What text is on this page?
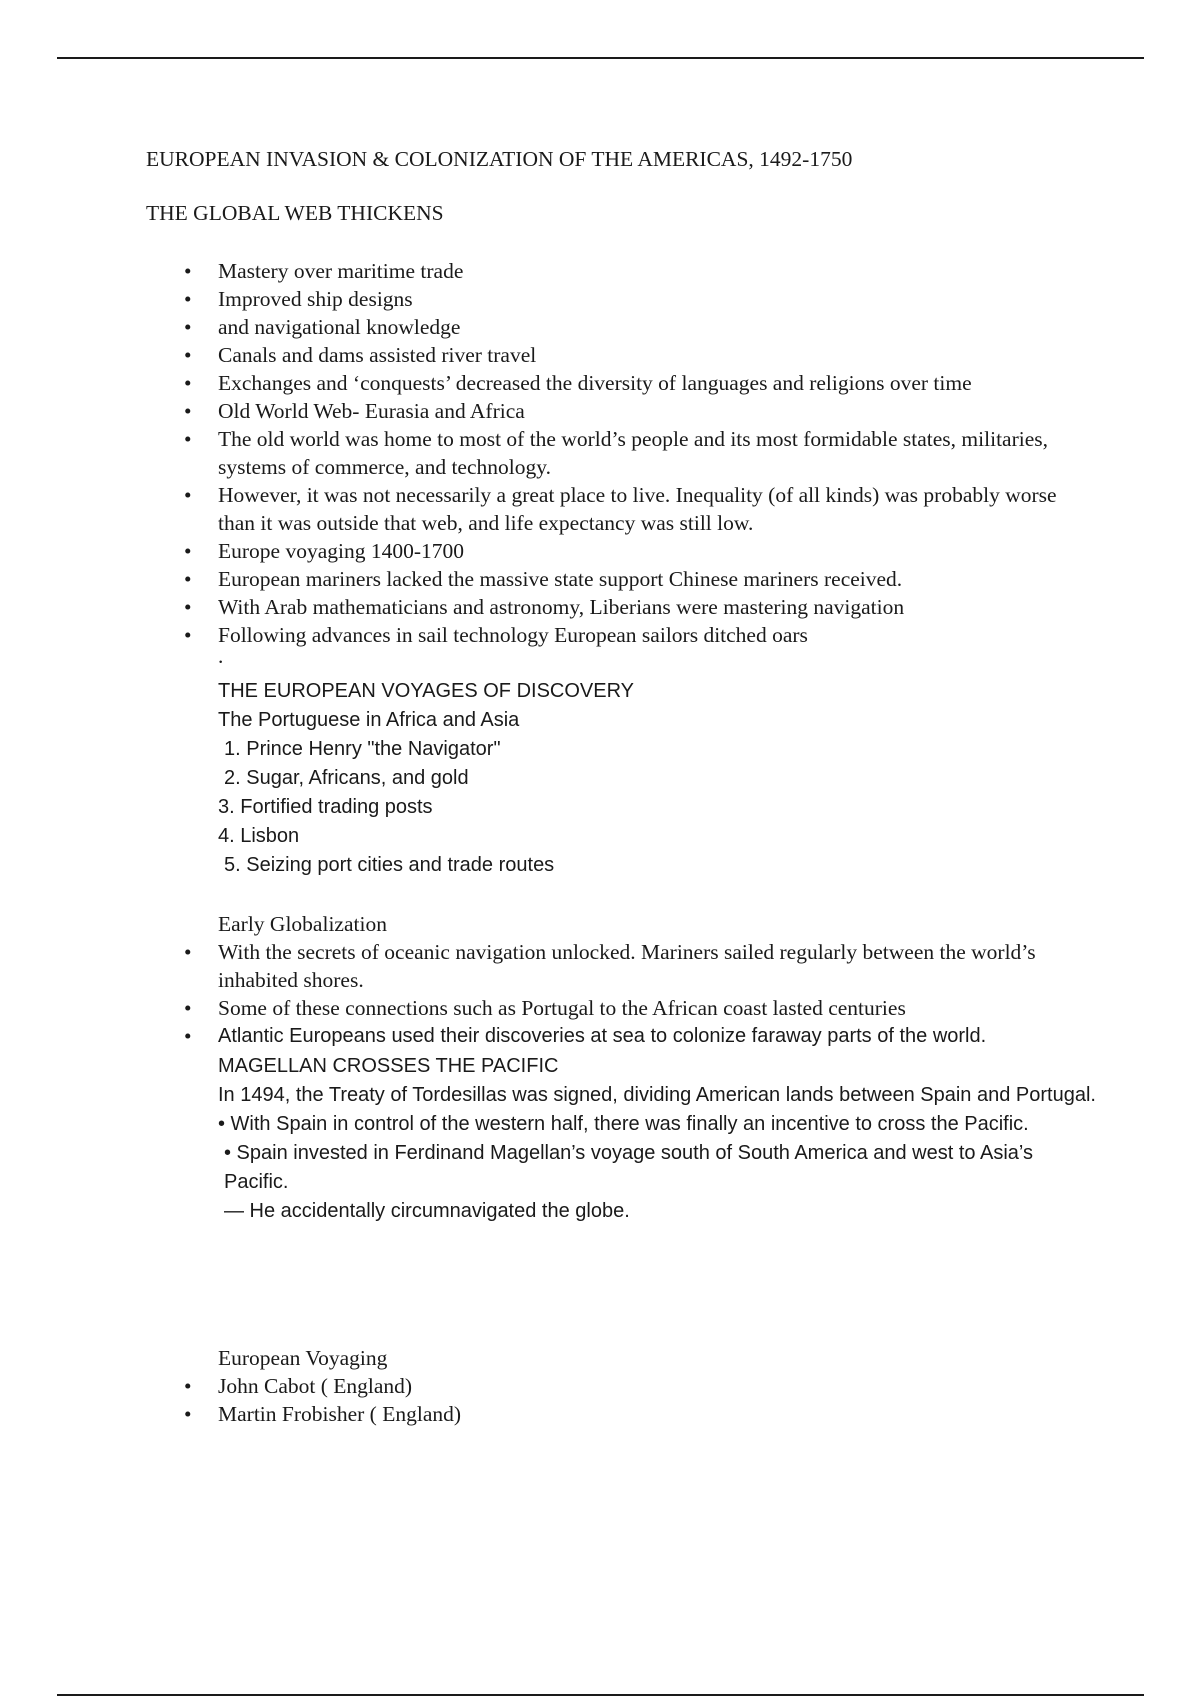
EUROPEAN INVASION & COLONIZATION OF THE AMERICAS, 1492-1750
THE GLOBAL WEB THICKENS
• Mastery over maritime trade
• Improved ship designs
• and navigational knowledge
• Canals and dams assisted river travel
• Exchanges and ‘conquests’ decreased the diversity of languages and religions over time
• Old World Web- Eurasia and Africa
• The old world was home to most of the world’s people and its most formidable states, militaries, systems of commerce, and technology.
• However, it was not necessarily a great place to live. Inequality (of all kinds) was probably worse than it was outside that web, and life expectancy was still low.
• Europe voyaging 1400-1700
• European mariners lacked the massive state support Chinese mariners received.
• With Arab mathematicians and astronomy, Liberians were mastering navigation
• Following advances in sail technology European sailors ditched oars
.
THE EUROPEAN VOYAGES OF DISCOVERY
The Portuguese in Africa and Asia
1. Prince Henry "the Navigator"
2. Sugar, Africans, and gold
3. Fortified trading posts
4. Lisbon
5. Seizing port cities and trade routes
Early Globalization
• With the secrets of oceanic navigation unlocked. Mariners sailed regularly between the world’s inhabited shores.
• Some of these connections such as Portugal to the African coast lasted centuries
• Atlantic Europeans used their discoveries at sea to colonize faraway parts of the world.
MAGELLAN CROSSES THE PACIFIC
In 1494, the Treaty of Tordesillas was signed, dividing American lands between Spain and Portugal.
• With Spain in control of the western half, there was finally an incentive to cross the Pacific.
• Spain invested in Ferdinand Magellan’s voyage south of South America and west to Asia’s Pacific.
— He accidentally circumnavigated the globe.
European Voyaging
• John Cabot ( England)
• Martin Frobisher ( England)
